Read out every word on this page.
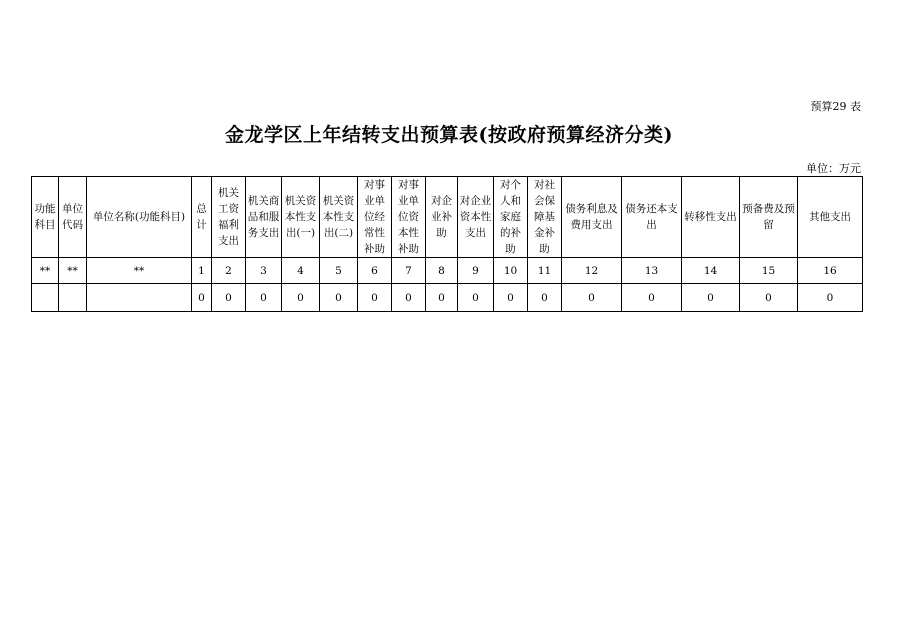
预算29 表
金龙学区上年结转支出预算表(按政府预算经济分类)
单位：万元
功能科目	单位代码	单位名称(功能科目)	总计	机关工资福利支出	机关商品和服务支出	机关资本性支出(一)	机关资本性支出(二)	对事业单位经常性补助	对事业单位资本性补助	对企业补助	对企业资本性支出	对个人和家庭的补助	对社会保障基金补助	债务利息及费用支出	债务还本支出	转移性支出	预备费及预留	其他支出
**	**	**	1	2	3	4	5	6	7	8	9	10	11	12	13	14	15	16
			0	0	0	0	0	0	0	0	0	0	0	0	0	0	0	0
